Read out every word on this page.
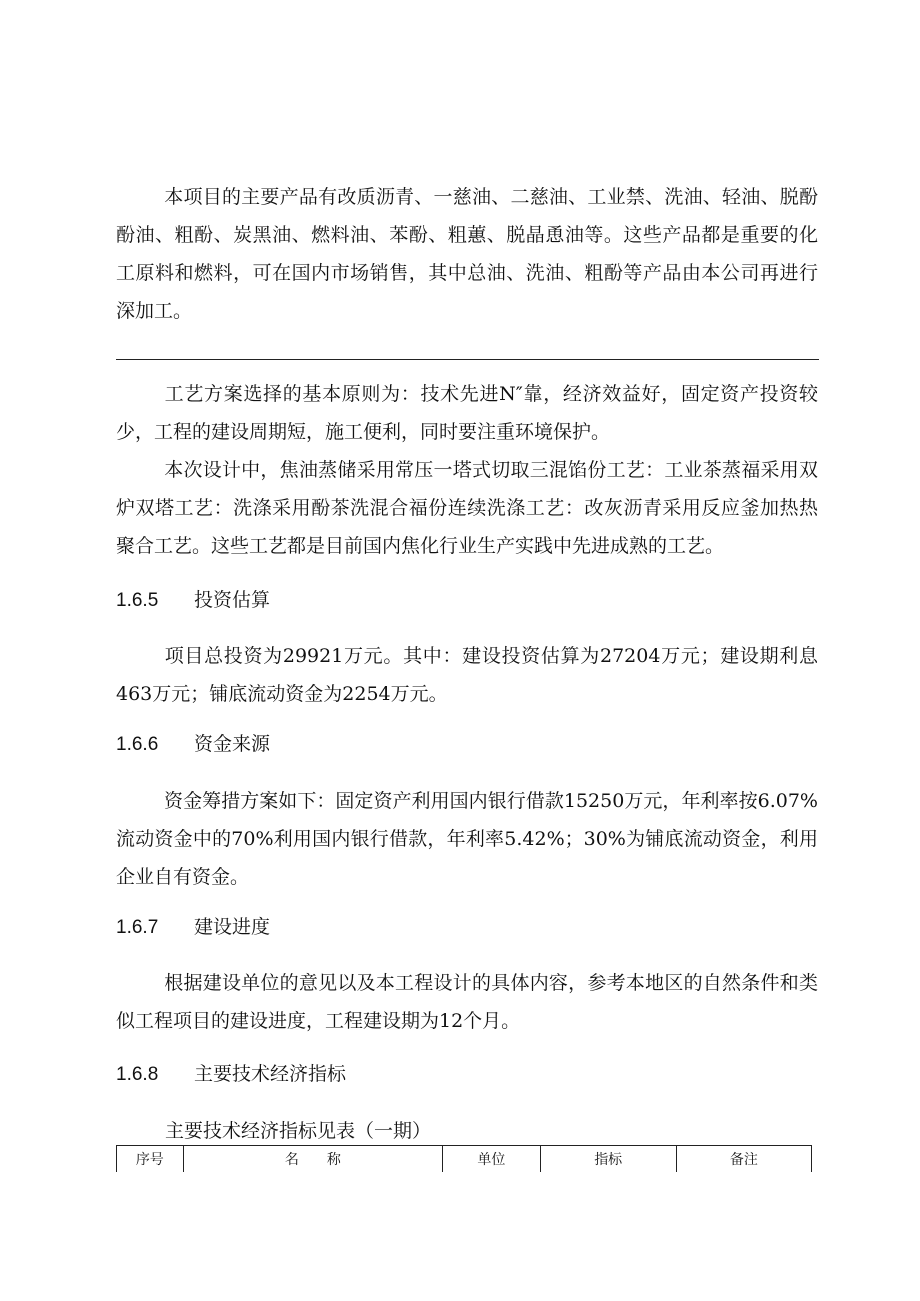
本项目的主要产品有改质沥青、一慈油、二慈油、工业禁、洗油、轻油、脱酚酚油、粗酚、炭黑油、燃料油、苯酚、粗蕙、脱晶恿油等。这些产品都是重要的化工原料和燃料，可在国内市场销售，其中总油、洗油、粗酚等产品由本公司再进行深加工。

工艺方案选择的基本原则为：技术先进N″靠，经济效益好，固定资产投资较少，工程的建设周期短，施工便利，同时要注重环境保护。

本次设计中，焦油蒸储采用常压一塔式切取三混馅份工艺：工业茶蒸福采用双炉双塔工艺：洗涤采用酚茶洗混合福份连续洗涤工艺：改灰沥青采用反应釜加热热聚合工艺。这些工艺都是目前国内焦化行业生产实践中先进成熟的工艺。

1.6.5 投资估算

项目总投资为29921万元。其中：建设投资估算为27204万元；建设期利息463万元；铺底流动资金为2254万元。

1.6.6 资金来源

资金筹措方案如下：固定资产利用国内银行借款15250万元，年利率按6.07%流动资金中的70%利用国内银行借款，年利率5.42%；30%为铺底流动资金，利用企业自有资金。

1.6.7 建设进度

根据建设单位的意见以及本工程设计的具体内容，参考本地区的自然条件和类似工程项目的建设进度，工程建设期为12个月。

1.6.8 主要技术经济指标
主要技术经济指标见表（一期）
序号	名　　称	单位	指标	备注
